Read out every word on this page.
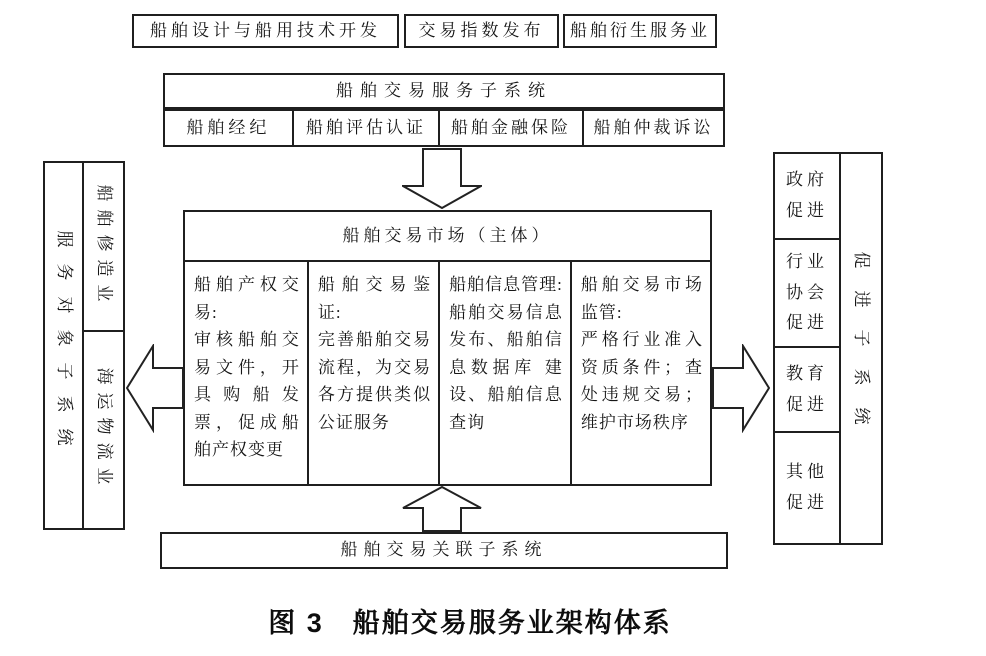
船舶设计与船用技术开发	交易指数发布	船舶衍生服务业
船舶交易服务子系统
船舶经纪	船舶评估认证	船舶金融保险	船舶仲裁诉讼
船舶交易市场（主体）
船舶产权交易:
审核船舶交易文件，开具购船发票，促成船舶产权变更
船舶交易鉴证:
完善船舶交易流程，为交易各方提供类似公证服务
船舶信息管理:
船舶交易信息发布、船舶信息数据库 建设、船舶信息查询
船舶交易市场监管:
严格行业准入资质条件；查处违规交易；维护市场秩序
服务对象子系统 船舶修造业
海运物流业
政府促进
行业协会促进
教育促进
其他促进
促进子系统
船舶交易关联子系统
图 3　船舶交易服务业架构体系
